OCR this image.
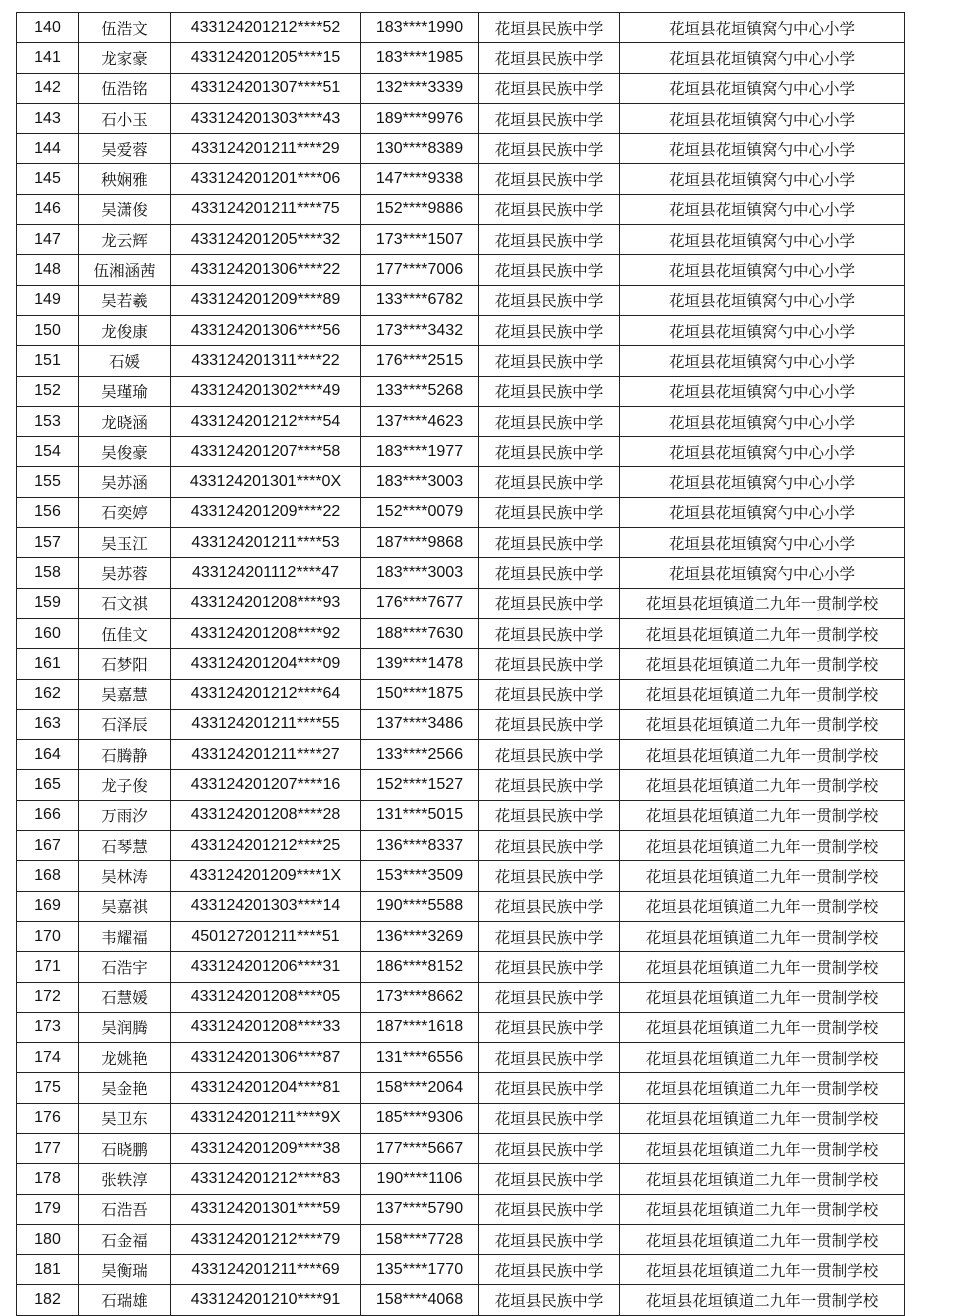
140	伍浩文	433124201212****52	183****1990	花垣县民族中学	花垣县花垣镇窝勺中心小学
141	龙家豪	433124201205****15	183****1985	花垣县民族中学	花垣县花垣镇窝勺中心小学
142	伍浩铭	433124201307****51	132****3339	花垣县民族中学	花垣县花垣镇窝勺中心小学
143	石小玉	433124201303****43	189****9976	花垣县民族中学	花垣县花垣镇窝勺中心小学
144	吴爱蓉	433124201211****29	130****8389	花垣县民族中学	花垣县花垣镇窝勺中心小学
145	秧娴雅	433124201201****06	147****9338	花垣县民族中学	花垣县花垣镇窝勺中心小学
146	吴潇俊	433124201211****75	152****9886	花垣县民族中学	花垣县花垣镇窝勺中心小学
147	龙云辉	433124201205****32	173****1507	花垣县民族中学	花垣县花垣镇窝勺中心小学
148	伍湘涵茜	433124201306****22	177****7006	花垣县民族中学	花垣县花垣镇窝勺中心小学
149	吴若羲	433124201209****89	133****6782	花垣县民族中学	花垣县花垣镇窝勺中心小学
150	龙俊康	433124201306****56	173****3432	花垣县民族中学	花垣县花垣镇窝勺中心小学
151	石媛	433124201311****22	176****2515	花垣县民族中学	花垣县花垣镇窝勺中心小学
152	吴瑾瑜	433124201302****49	133****5268	花垣县民族中学	花垣县花垣镇窝勺中心小学
153	龙晓涵	433124201212****54	137****4623	花垣县民族中学	花垣县花垣镇窝勺中心小学
154	吴俊豪	433124201207****58	183****1977	花垣县民族中学	花垣县花垣镇窝勺中心小学
155	吴苏涵	433124201301****0X	183****3003	花垣县民族中学	花垣县花垣镇窝勺中心小学
156	石奕婷	433124201209****22	152****0079	花垣县民族中学	花垣县花垣镇窝勺中心小学
157	吴玉江	433124201211****53	187****9868	花垣县民族中学	花垣县花垣镇窝勺中心小学
158	吴苏蓉	433124201112****47	183****3003	花垣县民族中学	花垣县花垣镇窝勺中心小学
159	石文祺	433124201208****93	176****7677	花垣县民族中学	花垣县花垣镇道二九年一贯制学校
160	伍佳文	433124201208****92	188****7630	花垣县民族中学	花垣县花垣镇道二九年一贯制学校
161	石梦阳	433124201204****09	139****1478	花垣县民族中学	花垣县花垣镇道二九年一贯制学校
162	吴嘉慧	433124201212****64	150****1875	花垣县民族中学	花垣县花垣镇道二九年一贯制学校
163	石泽辰	433124201211****55	137****3486	花垣县民族中学	花垣县花垣镇道二九年一贯制学校
164	石腾静	433124201211****27	133****2566	花垣县民族中学	花垣县花垣镇道二九年一贯制学校
165	龙子俊	433124201207****16	152****1527	花垣县民族中学	花垣县花垣镇道二九年一贯制学校
166	万雨汐	433124201208****28	131****5015	花垣县民族中学	花垣县花垣镇道二九年一贯制学校
167	石琴慧	433124201212****25	136****8337	花垣县民族中学	花垣县花垣镇道二九年一贯制学校
168	吴林涛	433124201209****1X	153****3509	花垣县民族中学	花垣县花垣镇道二九年一贯制学校
169	吴嘉祺	433124201303****14	190****5588	花垣县民族中学	花垣县花垣镇道二九年一贯制学校
170	韦耀福	450127201211****51	136****3269	花垣县民族中学	花垣县花垣镇道二九年一贯制学校
171	石浩宇	433124201206****31	186****8152	花垣县民族中学	花垣县花垣镇道二九年一贯制学校
172	石慧媛	433124201208****05	173****8662	花垣县民族中学	花垣县花垣镇道二九年一贯制学校
173	吴润腾	433124201208****33	187****1618	花垣县民族中学	花垣县花垣镇道二九年一贯制学校
174	龙姚艳	433124201306****87	131****6556	花垣县民族中学	花垣县花垣镇道二九年一贯制学校
175	吴金艳	433124201204****81	158****2064	花垣县民族中学	花垣县花垣镇道二九年一贯制学校
176	吴卫东	433124201211****9X	185****9306	花垣县民族中学	花垣县花垣镇道二九年一贯制学校
177	石晓鹏	433124201209****38	177****5667	花垣县民族中学	花垣县花垣镇道二九年一贯制学校
178	张轶淳	433124201212****83	190****1106	花垣县民族中学	花垣县花垣镇道二九年一贯制学校
179	石浩吾	433124201301****59	137****5790	花垣县民族中学	花垣县花垣镇道二九年一贯制学校
180	石金福	433124201212****79	158****7728	花垣县民族中学	花垣县花垣镇道二九年一贯制学校
181	吴衡瑞	433124201211****69	135****1770	花垣县民族中学	花垣县花垣镇道二九年一贯制学校
182	石瑞雄	433124201210****91	158****4068	花垣县民族中学	花垣县花垣镇道二九年一贯制学校
